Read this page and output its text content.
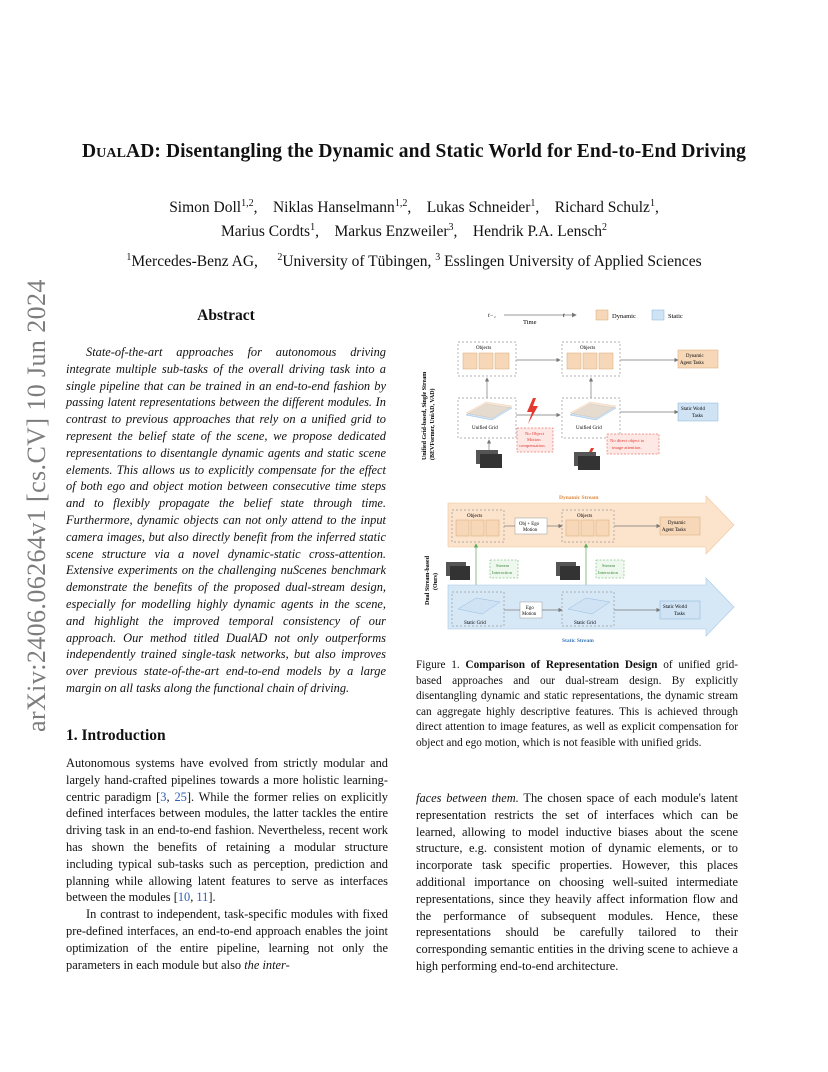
arXiv:2406.06264v1 [cs.CV] 10 Jun 2024
DualAD: Disentangling the Dynamic and Static World for End-to-End Driving
Simon Doll$^{1,2}$,    Niklas Hanselmann$^{1,2}$,    Lukas Schneider$^1$,    Richard Schulz$^1$,
Marius Cordts$^1$,    Markus Enzweiler$^3$,    Hendrik P.A. Lensch$^2$
$^1$Mercedes-Benz AG, $^2$University of Tübingen, $^3$ Esslingen University of Applied Sciences
Abstract
State-of-the-art approaches for autonomous driving integrate multiple sub-tasks of the overall driving task into a single pipeline that can be trained in an end-to-end fashion by passing latent representations between the different modules. In contrast to previous approaches that rely on a unified grid to represent the belief state of the scene, we propose dedicated representations to disentangle dynamic agents and static scene elements. This allows us to explicitly compensate for the effect of both ego and object motion between consecutive time steps and to flexibly propagate the belief state through time. Furthermore, dynamic objects can not only attend to the input camera images, but also directly benefit from the inferred static scene structure via a novel dynamic-static cross-attention. Extensive experiments on the challenging nuScenes benchmark demonstrate the benefits of the proposed dual-stream design, especially for modelling highly dynamic agents in the scene, and highlight the improved temporal consistency of our approach. Our method titled DualAD not only outperforms independently trained single-task networks, but also improves over previous state-of-the-art end-to-end models by a large margin on all tasks along the functional chain of driving.
1. Introduction

Autonomous systems have evolved from strictly modular and largely hand-crafted pipelines towards a more holistic learning-centric paradigm [3, 25]. While the former relies on explicitly defined interfaces between modules, the latter tackles the entire driving task in an end-to-end fashion. Nevertheless, recent work has shown the benefits of retaining a modular structure including typical sub-tasks such as perception, prediction and planning while allowing latent features to serve as interfaces between the modules [10, 11].

In contrast to independent, task-specific modules with fixed pre-defined interfaces, an end-to-end approach enables the joint optimization of the entire pipeline, learning not only the parameters in each module but also the inter-

faces between them. The chosen space of each module's latent representation restricts the set of interfaces which can be learned, allowing to model inductive biases about the scene structure, e.g. consistent motion of dynamic elements, or to incorporate task specific properties. However, this places additional importance on choosing well-suited intermediate representations, since they heavily affect information flow and the performance of subsequent modules. Hence, these representations should be carefully tailored to their corresponding semantic entities in the driving scene to achieve a high performing end-to-end architecture.
Figure 1. Comparison of Representation Design of unified grid-based approaches and our dual-stream design. By explicitly disentangling dynamic and static representations, the dynamic stream can aggregate highly descriptive features. This is achieved through direct attention to image features, as well as explicit compensation for object and ego motion, which is not feasible with unified grids.
t−₁	t
Time
Dynamic	Static
Unified Grid-based, Single Stream (BEVFormer, UniAD, VAD)
Objects	Objects
Dynamic
Agent Tasks
Unified Grid	Unified Grid
Static World
Tasks
No Object
Motion
compensation.
No direct object to
image attention.
Dual Stream-based (Ours)
Dynamic Stream
Objects	Objects
Obj + Ego
Motion
Dynamic
Agent Tasks
Stream
Interaction
Stream
Interaction
Static Stream
Static Grid	Static Grid
Ego
Motion
Static World
Tasks
